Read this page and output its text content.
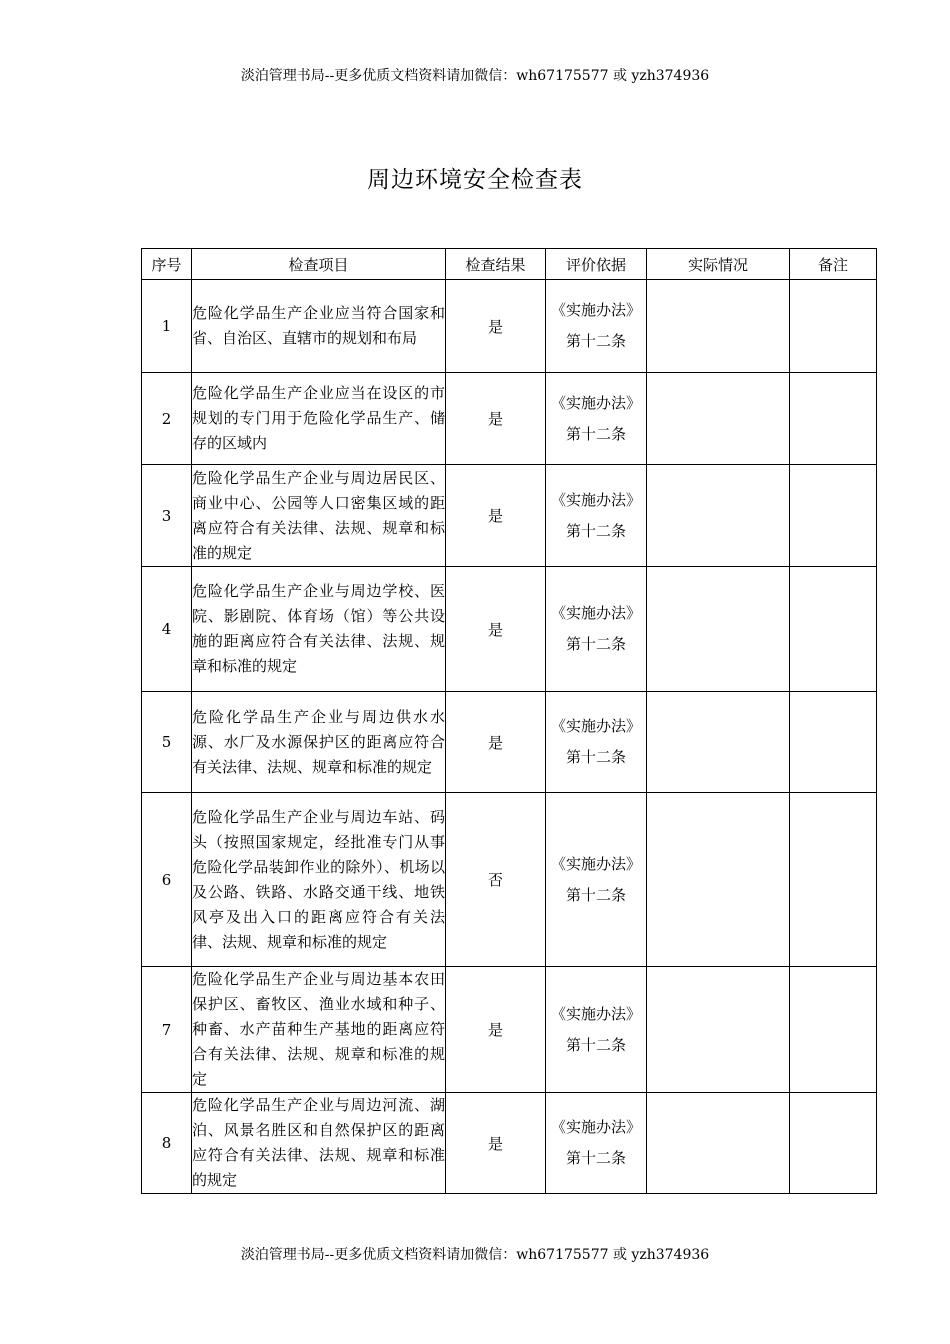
淡泊管理书局--更多优质文档资料请加微信：wh67175577 或 yzh374936
周边环境安全检查表
序号	检查项目	检查结果	评价依据	实际情况	备注
1	危险化学品生产企业应当符合国家和省、自治区、直辖市的规划和布局	是	《实施办法》第十二条		
2	危险化学品生产企业应当在设区的市规划的专门用于危险化学品生产、储存的区域内	是	《实施办法》第十二条		
3	危险化学品生产企业与周边居民区、商业中心、公园等人口密集区域的距离应符合有关法律、法规、规章和标准的规定	是	《实施办法》第十二条		
4	危险化学品生产企业与周边学校、医院、影剧院、体育场（馆）等公共设施的距离应符合有关法律、法规、规章和标准的规定	是	《实施办法》第十二条		
5	危险化学品生产企业与周边供水水源、水厂及水源保护区的距离应符合有关法律、法规、规章和标准的规定	是	《实施办法》第十二条		
6	危险化学品生产企业与周边车站、码头（按照国家规定，经批准专门从事危险化学品装卸作业的除外）、机场以及公路、铁路、水路交通干线、地铁风亭及出入口的距离应符合有关法律、法规、规章和标准的规定	否	《实施办法》第十二条		
7	危险化学品生产企业与周边基本农田保护区、畜牧区、渔业水域和种子、种畜、水产苗种生产基地的距离应符合有关法律、法规、规章和标准的规定	是	《实施办法》第十二条		
8	危险化学品生产企业与周边河流、湖泊、风景名胜区和自然保护区的距离应符合有关法律、法规、规章和标准的规定	是	《实施办法》第十二条		
淡泊管理书局--更多优质文档资料请加微信：wh67175577 或 yzh374936
